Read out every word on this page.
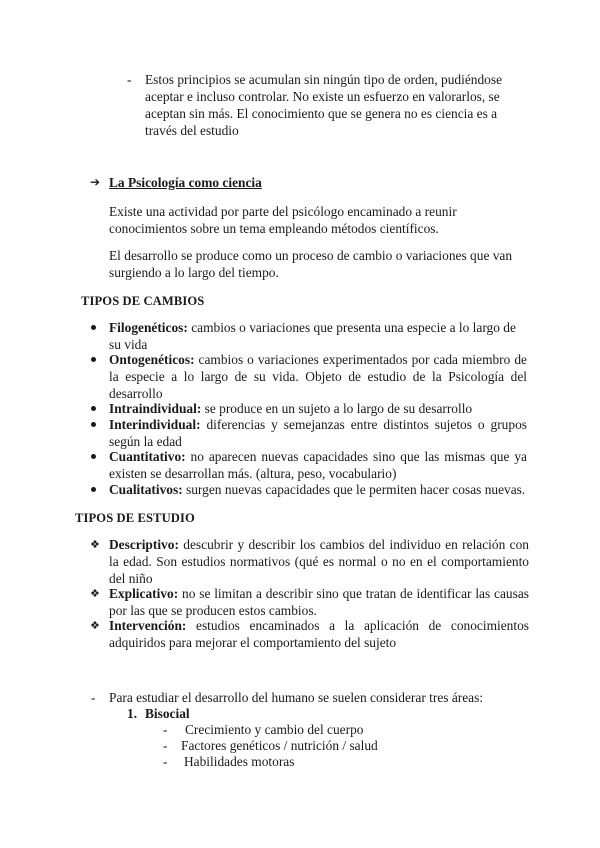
- Estos principios se acumulan sin ningún tipo de orden, pudiéndose
aceptar e incluso controlar. No existe un esfuerzo en valorarlos, se
aceptan sin más. El conocimiento que se genera no es ciencia es a
través del estudio
➔ La Psicología como ciencia
Existe una actividad por parte del psicólogo encaminado a reunir
conocimientos sobre un tema empleando métodos científicos.
El desarrollo se produce como un proceso de cambio o variaciones que van
surgiendo a lo largo del tiempo.
TIPOS DE CAMBIOS
Filogenéticos: cambios o variaciones que presenta una especie a lo largo de
su vida
Ontogenéticos: cambios o variaciones experimentados por cada miembro de
la especie a lo largo de su vida. Objeto de estudio de la Psicología del
desarrollo
Intraindividual: se produce en un sujeto a lo largo de su desarrollo
Interindividual: diferencias y semejanzas entre distintos sujetos o grupos
según la edad
Cuantitativo: no aparecen nuevas capacidades sino que las mismas que ya
existen se desarrollan más. (altura, peso, vocabulario)
Cualitativos: surgen nuevas capacidades que le permiten hacer cosas nuevas.
TIPOS DE ESTUDIO
❖ Descriptivo: descubrir y describir los cambios del individuo en relación con
la edad. Son estudios normativos (qué es normal o no en el comportamiento
del niño
❖ Explicativo: no se limitan a describir sino que tratan de identificar las causas
por las que se producen estos cambios.
❖ Intervención: estudios encaminados a la aplicación de conocimientos
adquiridos para mejorar el comportamiento del sujeto
- Para estudiar el desarrollo del humano se suelen considerar tres áreas:
1. Bisocial
- Crecimiento y cambio del cuerpo
- Factores genéticos / nutrición / salud
- Habilidades motoras
